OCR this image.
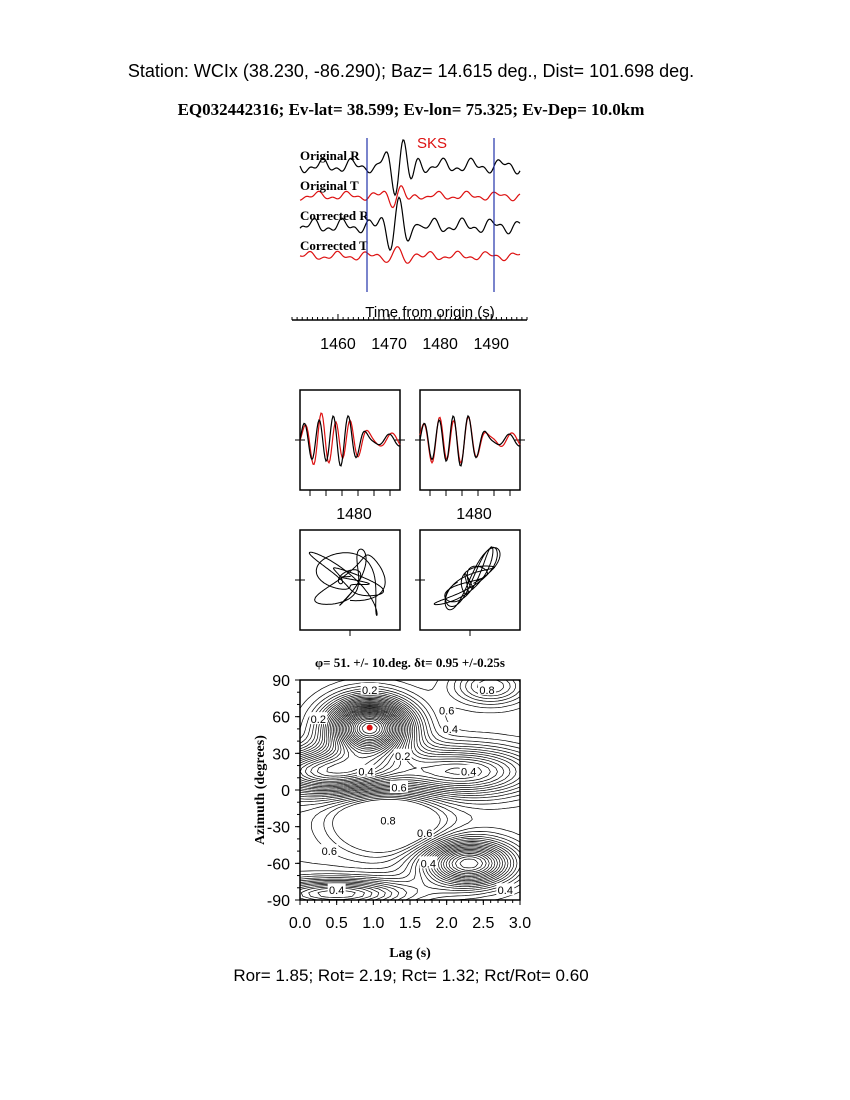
Station: WCIx (38.230, -86.290); Baz= 14.615 deg., Dist= 101.698 deg.
EQ032442316; Ev-lat= 38.599; Ev-lon= 75.325; Ev-Dep= 10.0km
Original R
Original T
Corrected R
Corrected T
SKS
Time from origin (s)
1460 1470 1480 1490
1480	1480
φ= 51. +/- 10.deg. δt= 0.95 +/-0.25s
0.2
0.2
0.6
0.4
0.8
0.2
0.4	0.4
0.6
0.8
0.6
0.6
0.4
0.4	0.4
90
60
30
0
-30
-60
-90
0.0 0.5 1.0 1.5 2.0 2.5 3.0
Lag (s)
Azimuth (degrees)
Ror= 1.85; Rot= 2.19; Rct= 1.32; Rct/Rot= 0.60
